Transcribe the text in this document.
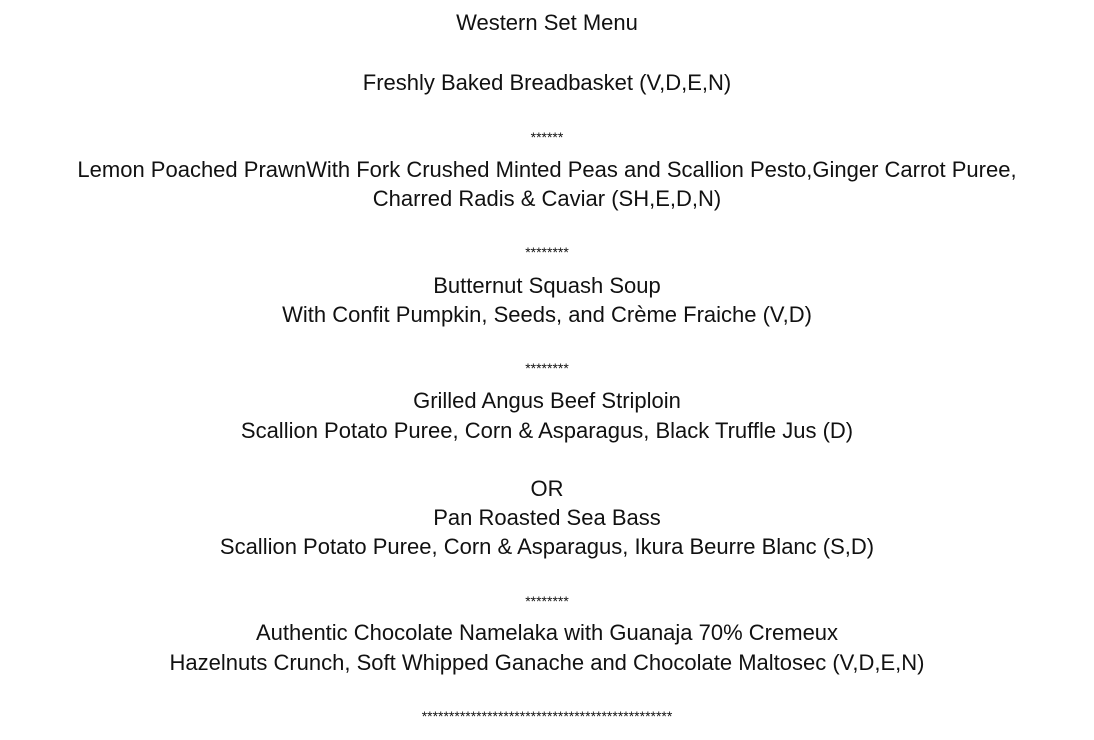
Western Set Menu
Freshly Baked Breadbasket (V,D,E,N)
******
Lemon Poached PrawnWith Fork Crushed Minted Peas and Scallion Pesto,Ginger Carrot Puree,
Charred Radis & Caviar (SH,E,D,N)
********
Butternut Squash Soup
With Confit Pumpkin, Seeds, and Crème Fraiche (V,D)
********
Grilled Angus Beef Striploin
Scallion Potato Puree, Corn & Asparagus, Black Truffle Jus (D)
OR
Pan Roasted Sea Bass
Scallion Potato Puree, Corn & Asparagus, Ikura Beurre Blanc (S,D)
********
Authentic Chocolate Namelaka with Guanaja 70% Cremeux
Hazelnuts Crunch, Soft Whipped Ganache and Chocolate Maltosec (V,D,E,N)
**********************************************
